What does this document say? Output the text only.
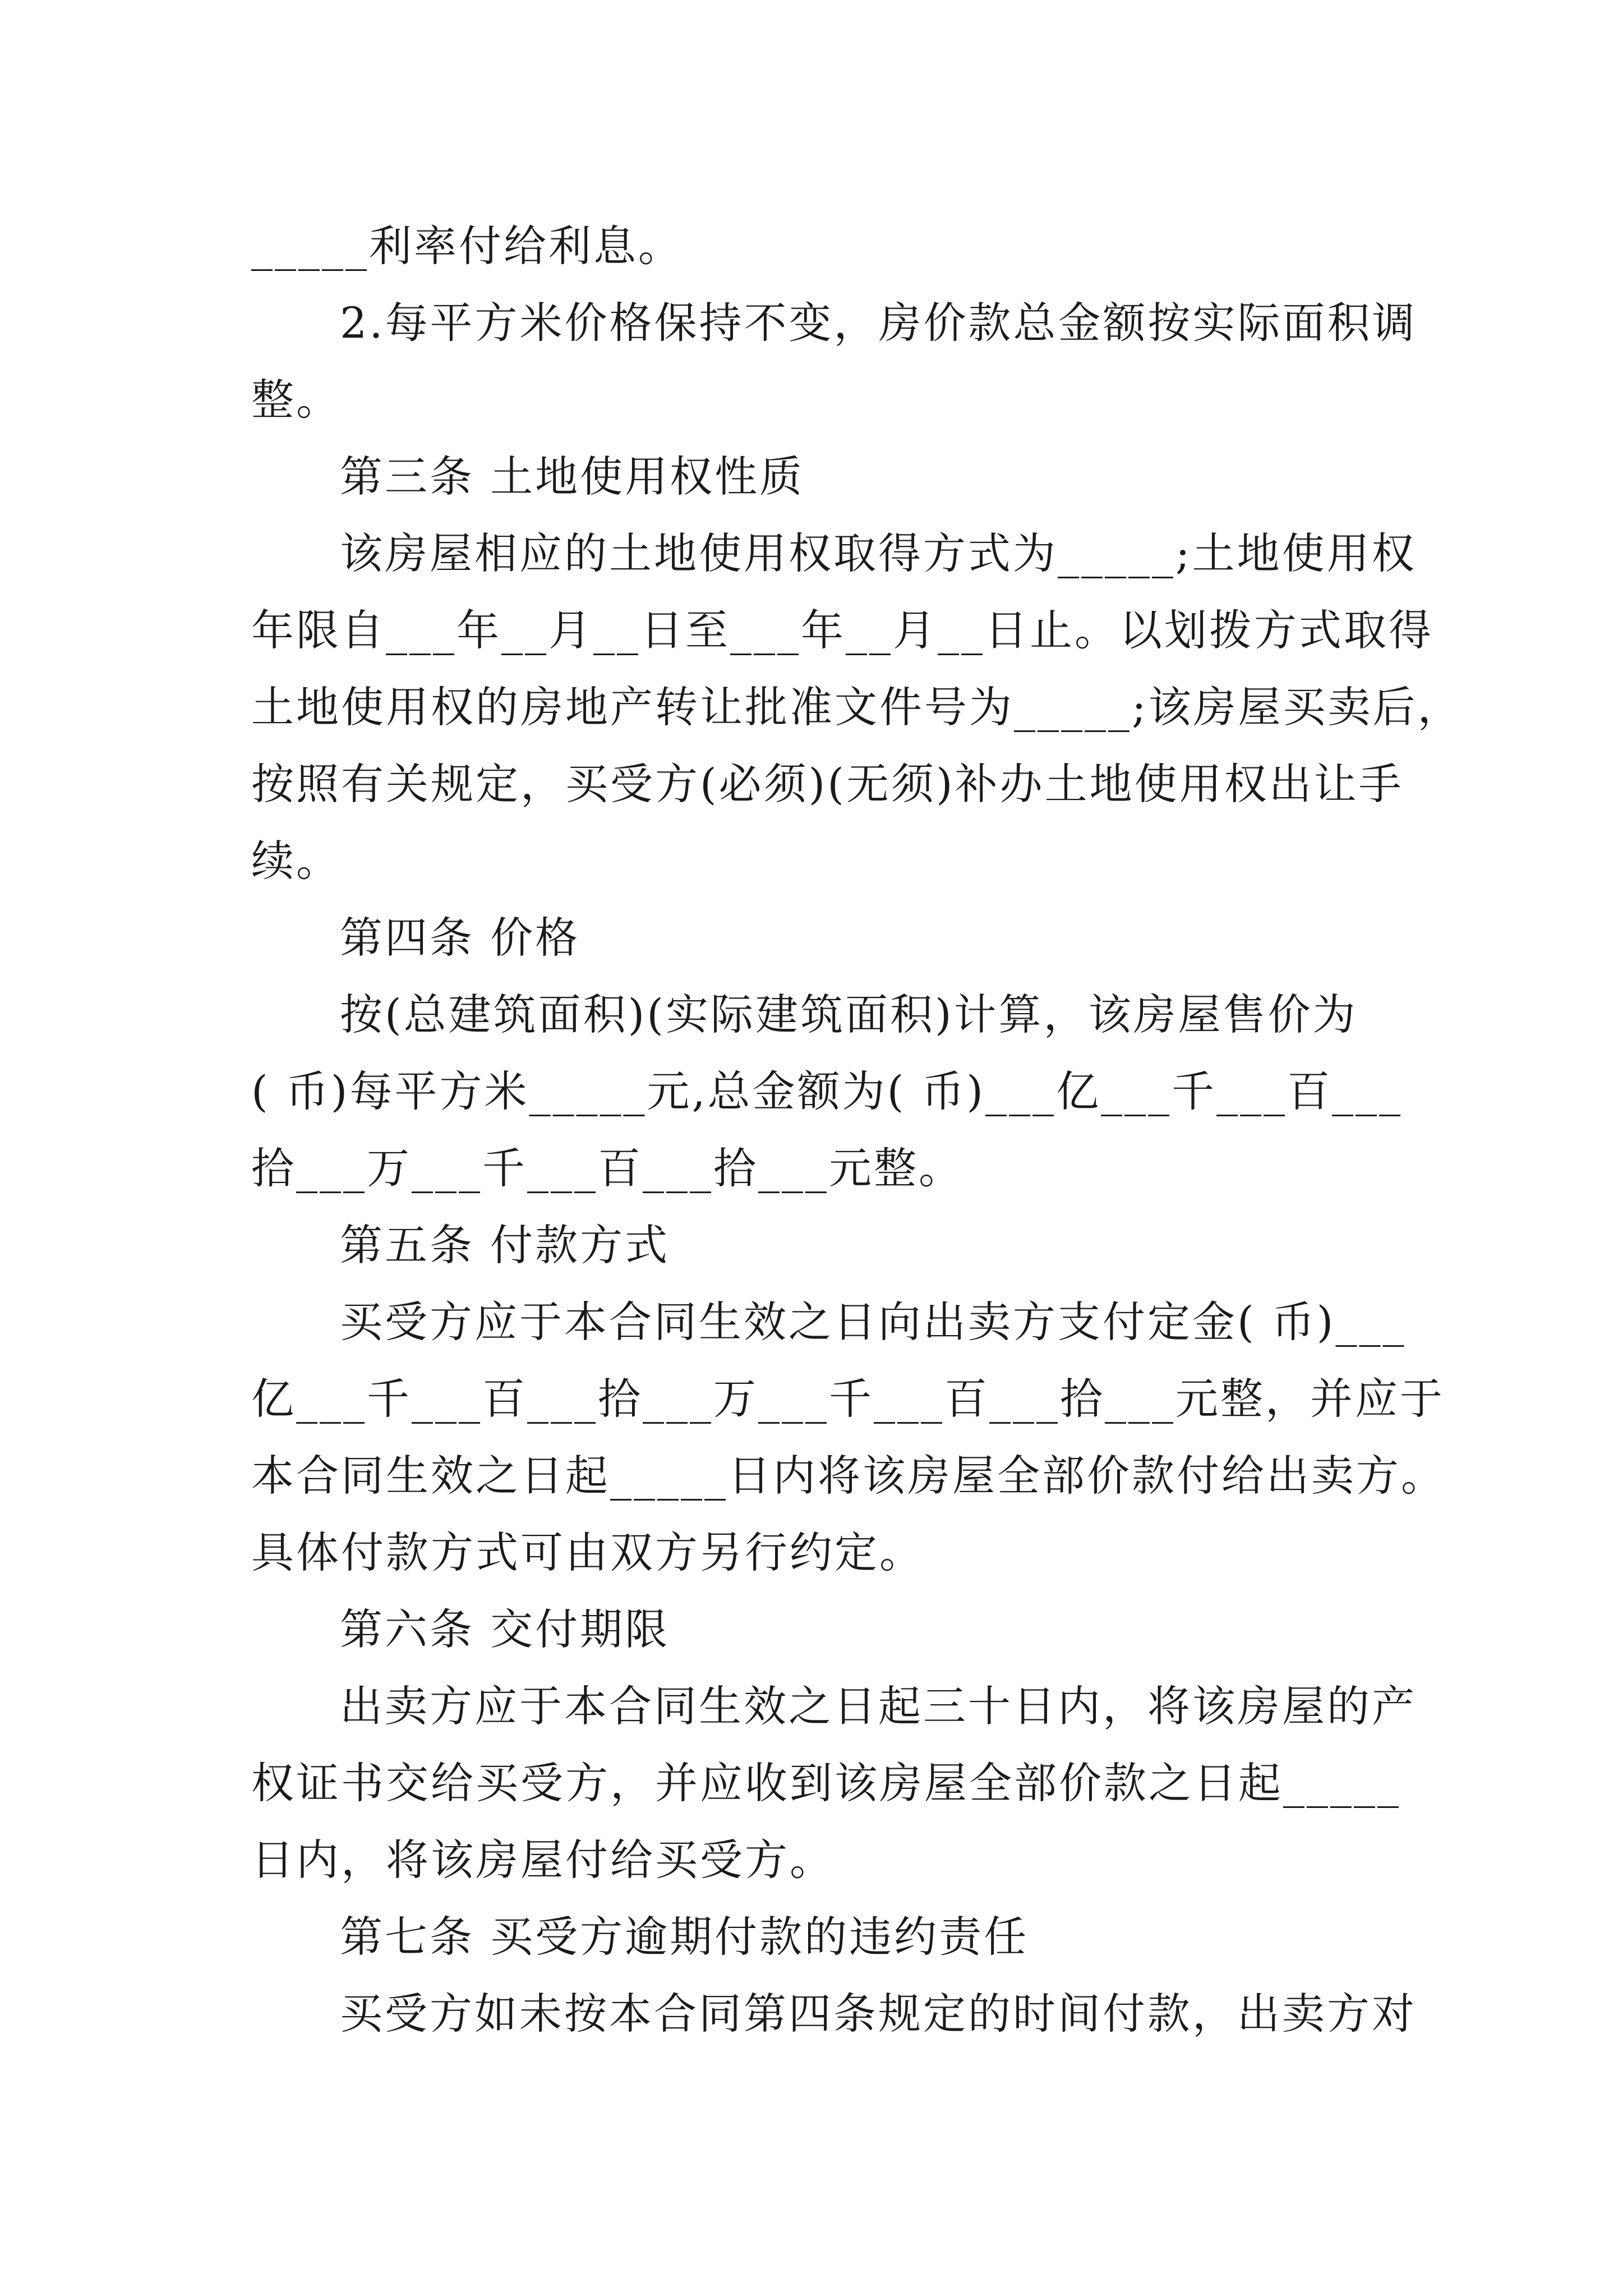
_____利率付给利息。
2.每平方米价格保持不变，房价款总金额按实际面积调
整。
第三条 土地使用权性质
该房屋相应的土地使用权取得方式为_____;土地使用权
年限自___年__月__日至___年__月__日止。以划拨方式取得
土地使用权的房地产转让批准文件号为_____;该房屋买卖后，
按照有关规定，买受方(必须)(无须)补办土地使用权出让手
续。
第四条 价格
按(总建筑面积)(实际建筑面积)计算，该房屋售价为
( 币)每平方米_____元,总金额为( 币)___亿___千___百___
拾___万___千___百___拾___元整。
第五条 付款方式
买受方应于本合同生效之日向出卖方支付定金( 币)___
亿___千___百___拾___万___千___百___拾___元整，并应于
本合同生效之日起_____日内将该房屋全部价款付给出卖方。
具体付款方式可由双方另行约定。
第六条 交付期限
出卖方应于本合同生效之日起三十日内，将该房屋的产
权证书交给买受方，并应收到该房屋全部价款之日起_____
日内，将该房屋付给买受方。
第七条 买受方逾期付款的违约责任
买受方如未按本合同第四条规定的时间付款，出卖方对
